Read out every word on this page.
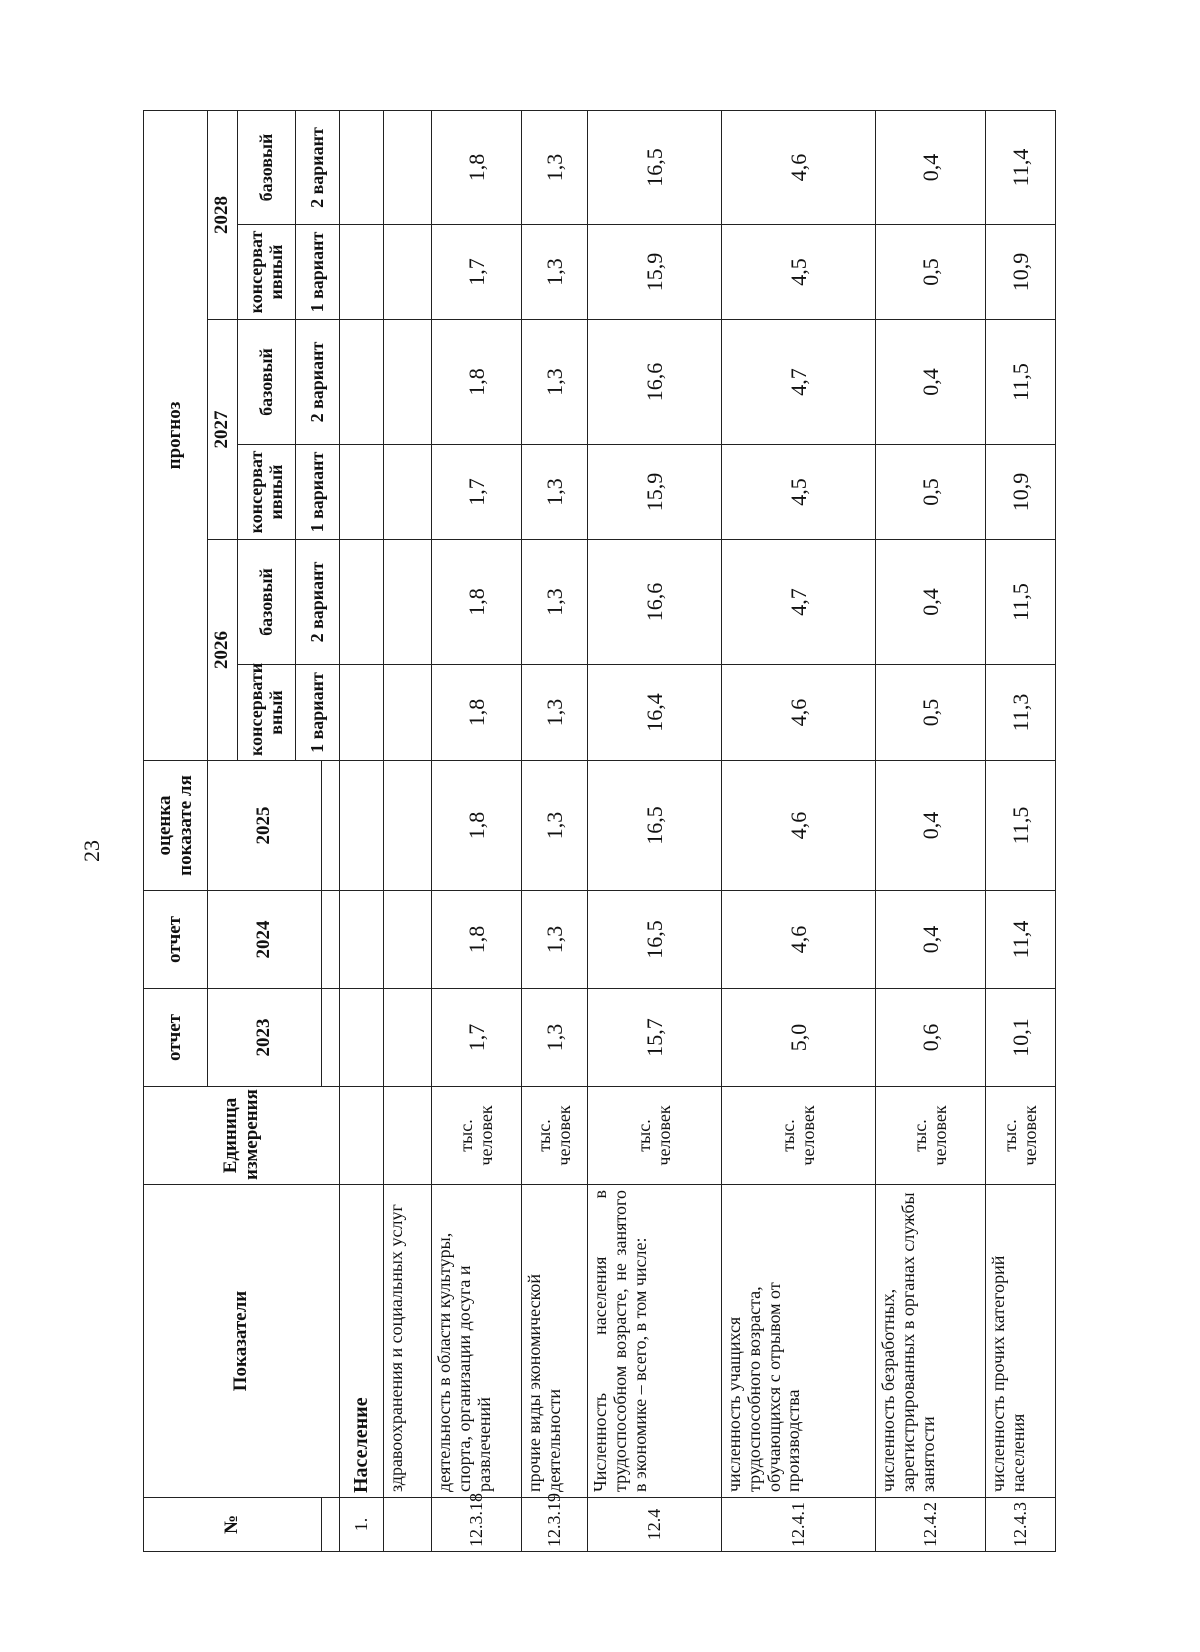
23
№	Показатели	Единица измерения	отчет	отчет	оценка показате ля	прогноз					
			2023	2024	2025	2026		2027		2028	
						консервати вный	базовый	консерват ивный	базовый	консерват ивный	базовый
						1 вариант	2 вариант	1 вариант	2 вариант	1 вариант	2 вариант

1.	Население										
	здравоохранения и социальных услуг										
12.3.18	деятельность в области культуры, спорта, организации досуга и развлечений	тыс. человек	1,7	1,8	1,8	1,8	1,8	1,7	1,8	1,7	1,8
12.3.19	прочие виды экономической деятельности	тыс. человек	1,3	1,3	1,3	1,3	1,3	1,3	1,3	1,3	1,3
12.4	Численность населения в трудоспособном возрасте, не занятого в экономике – всего, в том числе:	тыс. человек	15,7	16,5	16,5	16,4	16,6	15,9	16,6	15,9	16,5
12.4.1	численность учащихся трудоспособного возраста, обучающихся с отрывом от производства	тыс. человек	5,0	4,6	4,6	4,6	4,7	4,5	4,7	4,5	4,6
12.4.2	численность безработных, зарегистрированных в органах службы занятости	тыс. человек	0,6	0,4	0,4	0,5	0,4	0,5	0,4	0,5	0,4
12.4.3	численность прочих категорий населения	тыс. человек	10,1	11,4	11,5	11,3	11,5	10,9	11,5	10,9	11,4
